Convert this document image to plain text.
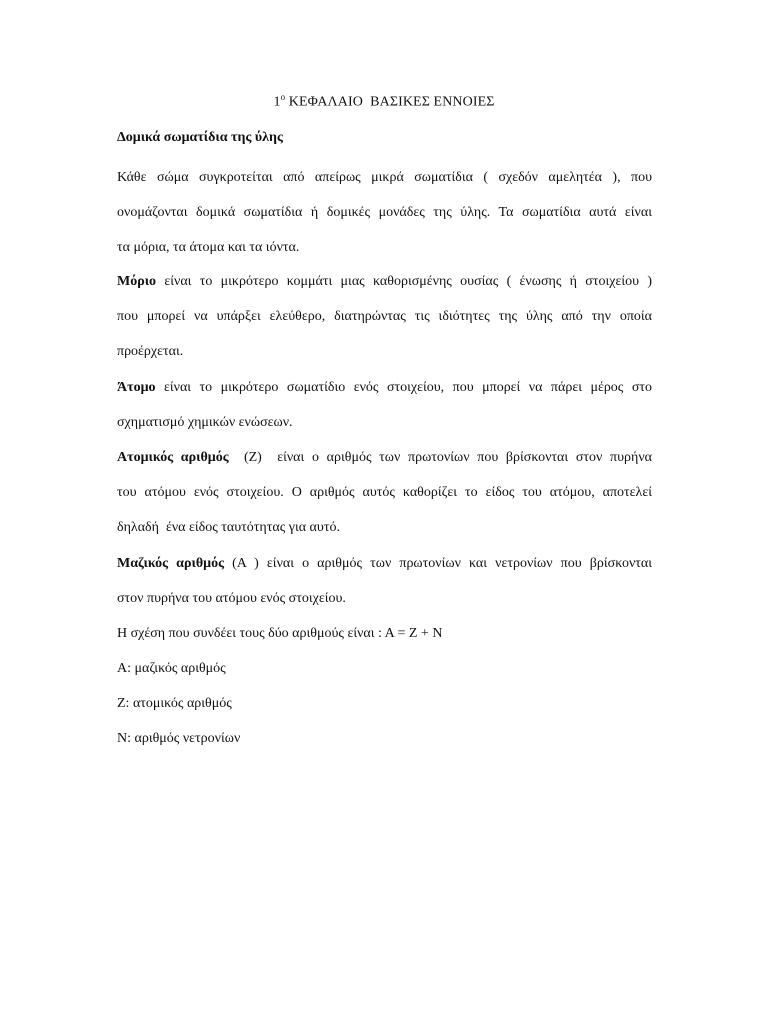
$1^o$ ΚΕΦΑΛΑΙΟ  ΒΑΣΙΚΕΣ ΕΝΝΟΙΕΣ
Δομικά σωματίδια της ύλης
Κάθε σώμα συγκροτείται από απείρως μικρά σωματίδια ( σχεδόν αμελητέα ), που
ονομάζονται δομικά σωματίδια ή δομικές μονάδες της ύλης. Τα σωματίδια αυτά είναι
τα μόρια, τα άτομα και τα ιόντα.
Μόριο είναι το μικρότερο κομμάτι μιας καθορισμένης ουσίας ( ένωσης ή στοιχείου )
που μπορεί να υπάρξει ελεύθερο, διατηρώντας τις ιδιότητες της ύλης από την οποία
προέρχεται.
Άτομο είναι το μικρότερο σωματίδιο ενός στοιχείου, που μπορεί να πάρει μέρος στο
σχηματισμό χημικών ενώσεων.
Ατομικός αριθμός  (Ζ)  είναι ο αριθμός των πρωτονίων που βρίσκονται στον πυρήνα
του ατόμου ενός στοιχείου. Ο αριθμός αυτός καθορίζει το είδος του ατόμου, αποτελεί
δηλαδή  ένα είδος ταυτότητας για αυτό.
Μαζικός αριθμός (Α ) είναι ο αριθμός των πρωτονίων και νετρονίων που βρίσκονται
στον πυρήνα του ατόμου ενός στοιχείου.
Η σχέση που συνδέει τους δύο αριθμούς είναι : Α = Ζ + Ν
Α: μαζικός αριθμός
Ζ: ατομικός αριθμός
Ν: αριθμός νετρονίων
